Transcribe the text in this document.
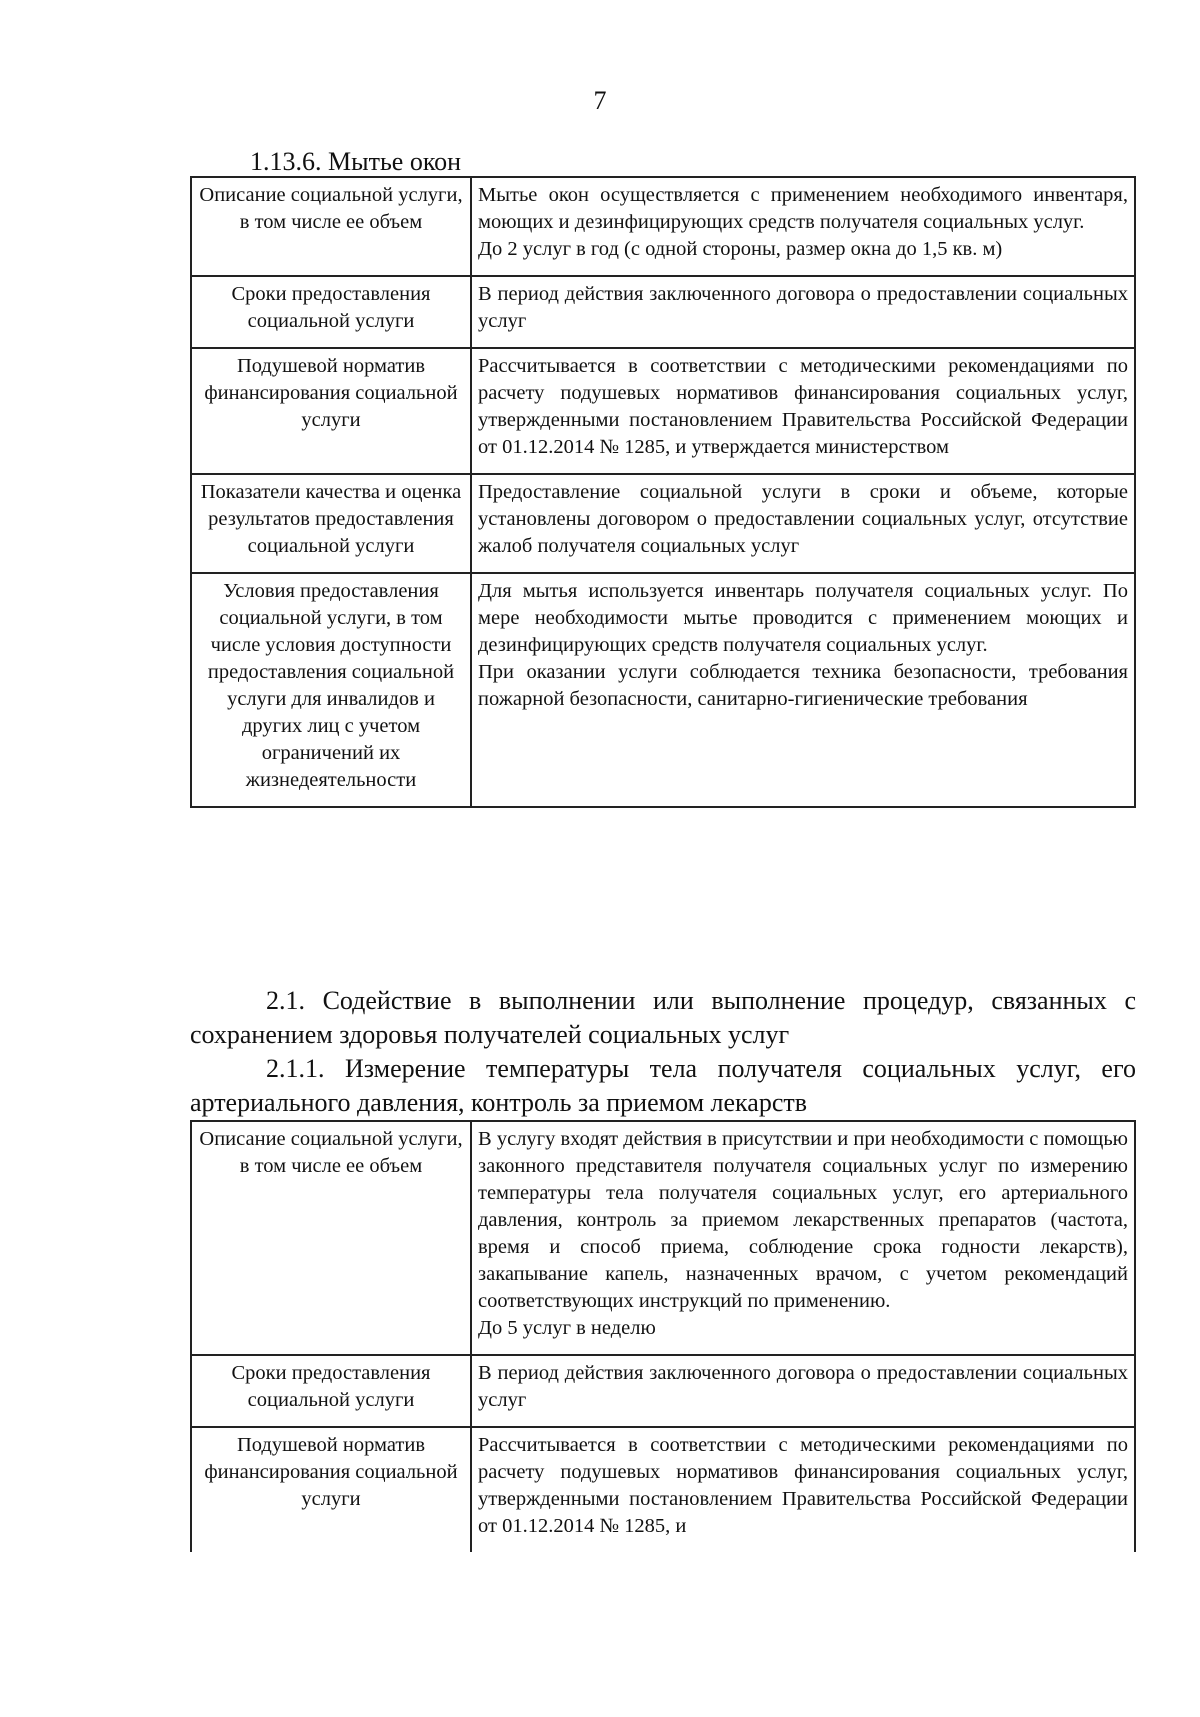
7
1.13.6. Мытье окон
Описание социальной услуги, в том числе ее объем	Мытье окон осуществляется с применением необходимого инвентаря, моющих и дезинфицирующих средств получателя социальных услуг.
До 2 услуг в год (с одной стороны, размер окна до 1,5 кв. м)

Сроки предоставления социальной услуги	В период действия заключенного договора о предоставлении социальных услуг

Подушевой норматив финансирования социальной услуги	Рассчитывается в соответствии с методическими рекомендациями по расчету подушевых нормативов финансирования социальных услуг, утвержденными постановлением Правительства Российской Федерации от 01.12.2014 № 1285, и утверждается министерством

Показатели качества и оценка результатов предоставления социальной услуги	Предоставление социальной услуги в сроки и объеме, которые установлены договором о предоставлении социальных услуг, отсутствие жалоб получателя социальных услуг

Условия предоставления социальной услуги, в том числе условия доступности предоставления социальной услуги для инвалидов и других лиц с учетом ограничений их жизнедеятельности	Для мытья используется инвентарь получателя социальных услуг. По мере необходимости мытье проводится с применением моющих и дезинфицирующих средств получателя социальных услуг.
При оказании услуги соблюдается техника безопасности, требования пожарной безопасности, санитарно-гигиенические требования
2.1. Содействие в выполнении или выполнение процедур, связанных с сохранением здоровья получателей социальных услуг
2.1.1. Измерение температуры тела получателя социальных услуг, его артериального давления, контроль за приемом лекарств
Описание социальной услуги, в том числе ее объем	В услугу входят действия в присутствии и при необходимости с помощью законного представителя получателя социальных услуг по измерению температуры тела получателя социальных услуг, его артериального давления, контроль за приемом лекарственных препаратов (частота, время и способ приема, соблюдение срока годности лекарств), закапывание капель, назначенных врачом, с учетом рекомендаций соответствующих инструкций по применению.
До 5 услуг в неделю

Сроки предоставления социальной услуги	В период действия заключенного договора о предоставлении социальных услуг

Подушевой норматив финансирования социальной услуги	Рассчитывается в соответствии с методическими рекомендациями по расчету подушевых нормативов финансирования социальных услуг, утвержденными постановлением Правительства Российской Федерации от 01.12.2014 № 1285, и
